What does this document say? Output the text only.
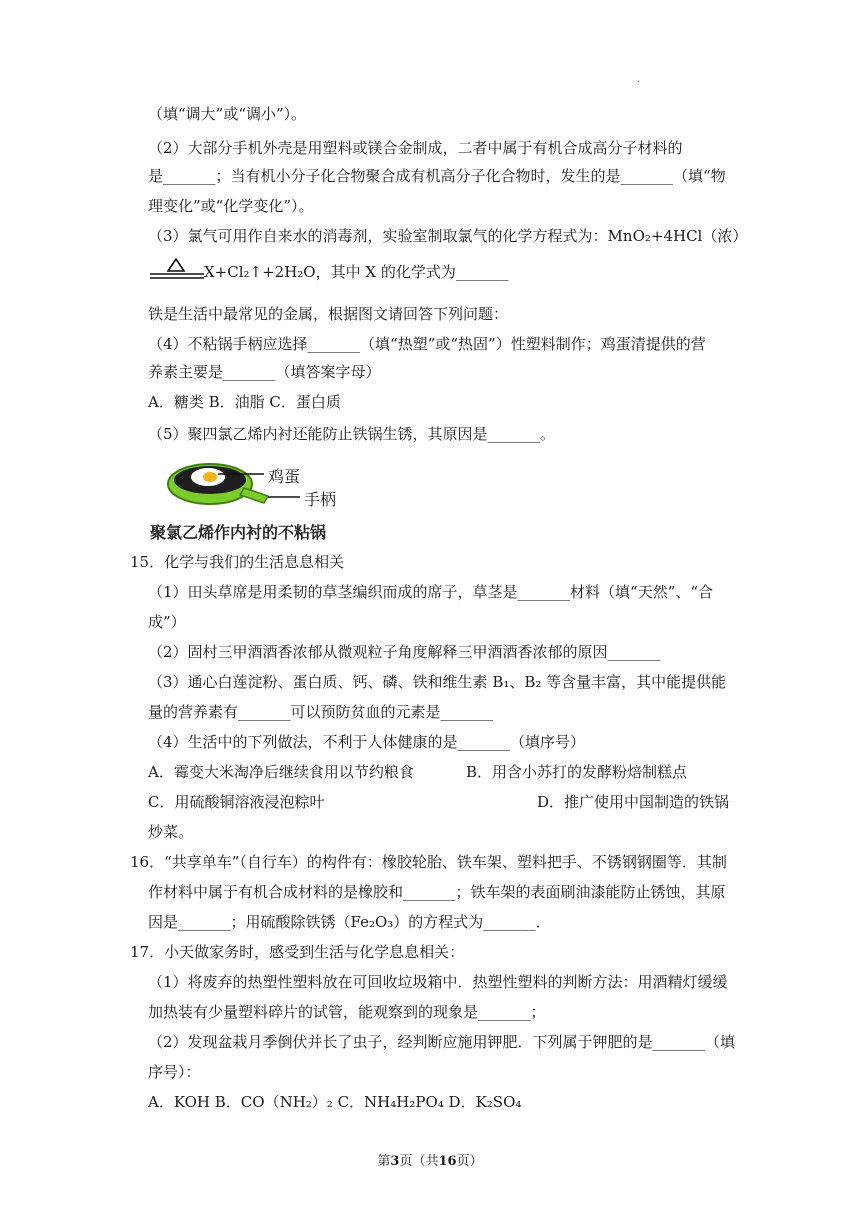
.
（填“调大”或“调小”）。
（2）大部分手机外壳是用塑料或镁合金制成，二者中属于有机合成高分子材料的
是_______；当有机小分子化合物聚合成有机高分子化合物时，发生的是_______（填“物
理变化”或“化学变化”）。
（3）氯气可用作自来水的消毒剂，实验室制取氯气的化学方程式为：MnO₂+4HCl（浓）
X+Cl₂↑+2H₂O，其中 X 的化学式为_______
铁是生活中最常见的金属，根据图文请回答下列问题：
（4）不粘锅手柄应选择_______（填“热塑”或“热固”）性塑料制作；鸡蛋清提供的营
养素主要是_______（填答案字母）
A．糖类 B．油脂 C．蛋白质
（5）聚四氯乙烯内衬还能防止铁锅生锈，其原因是_______。
15．化学与我们的生活息息相关
（1）田头草席是用柔韧的草茎编织而成的席子，草茎是_______材料（填“天然”、“合
成”）
（2）固村三甲酒酒香浓郁从微观粒子角度解释三甲酒酒香浓郁的原因_______
（3）通心白莲淀粉、蛋白质、钙、磷、铁和维生素 B₁、B₂ 等含量丰富，其中能提供能
量的营养素有_______可以预防贫血的元素是_______
（4）生活中的下列做法，不利于人体健康的是_______（填序号）
A．霉变大米淘净后继续食用以节约粮食	B．用含小苏打的发酵粉焙制糕点
C．用硫酸铜溶液浸泡粽叶	D．推广使用中国制造的铁锅
炒菜。
16．“共享单车”（自行车）的构件有：橡胶轮胎、铁车架、塑料把手、不锈钢钢圈等．其制
作材料中属于有机合成材料的是橡胶和_______；铁车架的表面刷油漆能防止锈蚀，其原
因是_______；用硫酸除铁锈（Fe₂O₃）的方程式为_______．
17．小天做家务时，感受到生活与化学息息相关：
（1）将废弃的热塑性塑料放在可回收垃圾箱中．热塑性塑料的判断方法：用酒精灯缓缓
加热装有少量塑料碎片的试管，能观察到的现象是_______；
（2）发现盆栽月季倒伏并长了虫子，经判断应施用钾肥．下列属于钾肥的是_______（填
序号）：
A．KOH B．CO（NH₂）₂ C．NH₄H₂PO₄ D．K₂SO₄
鸡蛋
手柄
聚氯乙烯作内衬的不粘锅
第3页（共16页）
